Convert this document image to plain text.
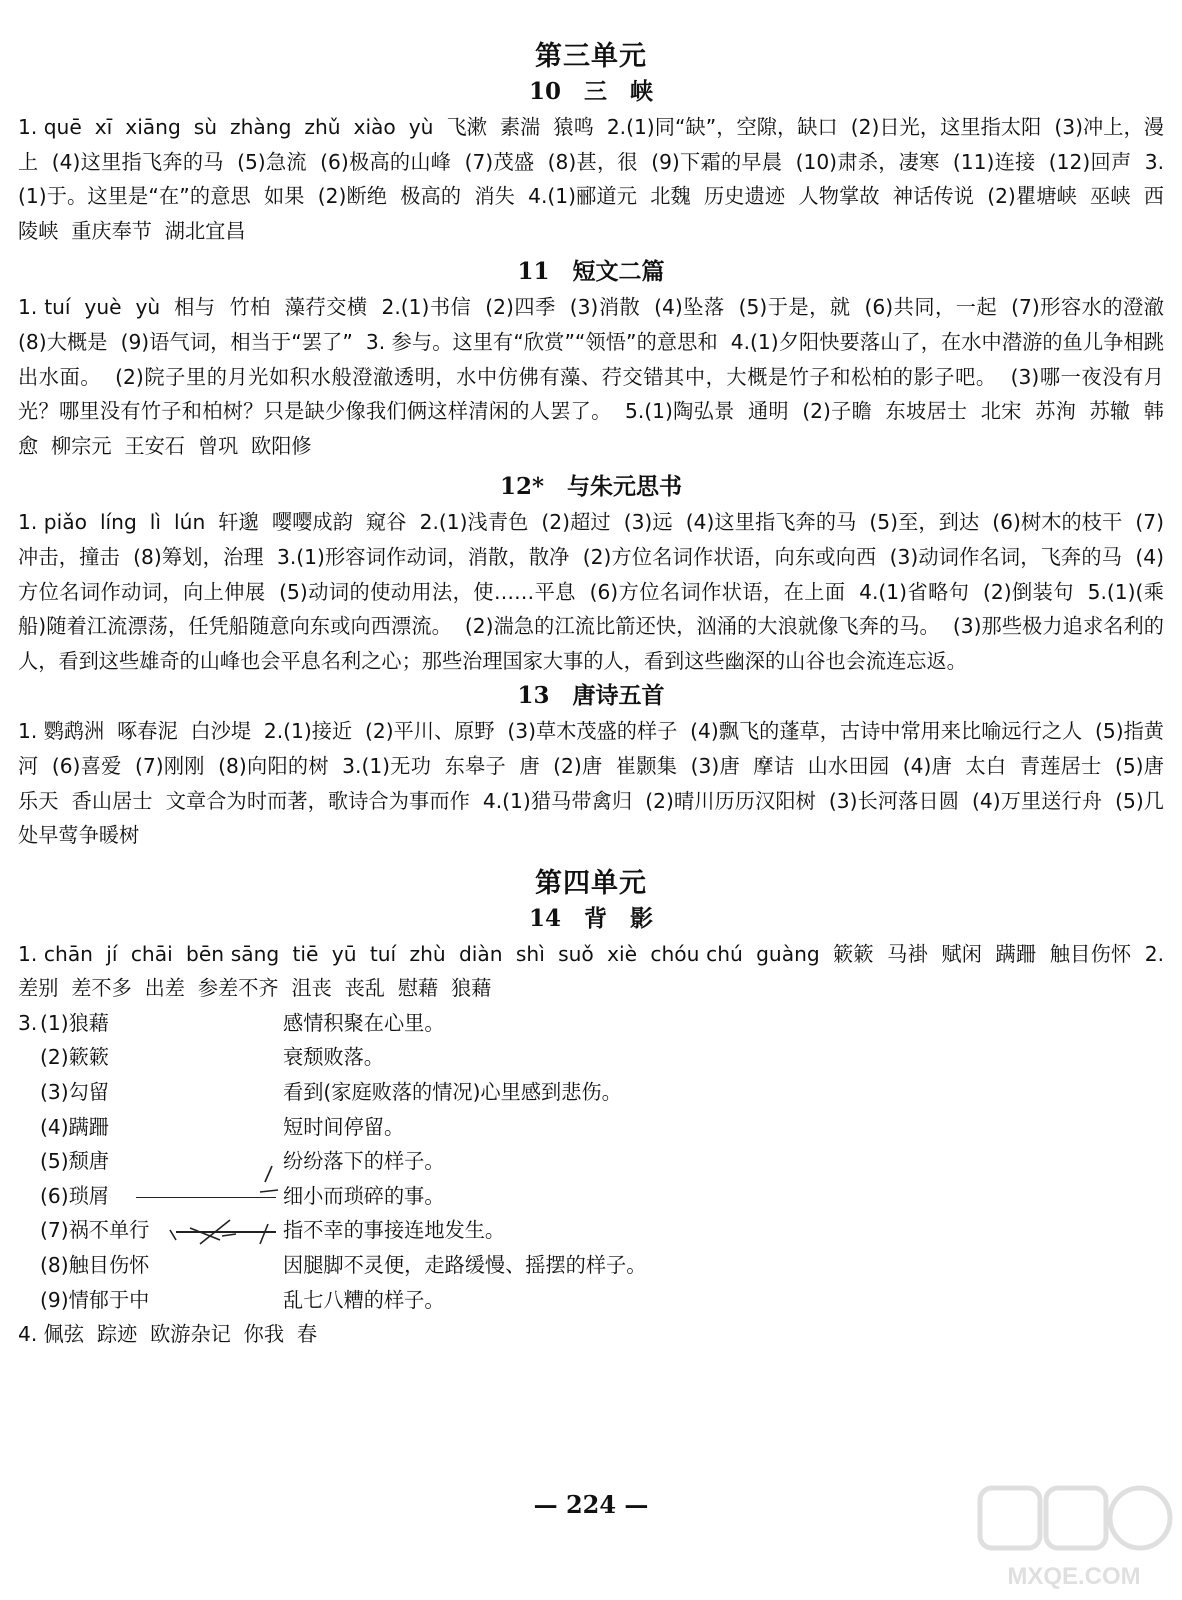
第三单元
10　三　峡

1. quē  xī  xiāng  sù  zhàng  zhǔ  xiào  yù  飞漱  素湍  猿鸣  2.(1)同“缺”，空隙，缺口  (2)日光，这里指太阳  (3)冲上，漫上  (4)这里指飞奔的马  (5)急流  (6)极高的山峰  (7)茂盛  (8)甚，很  (9)下霜的早晨  (10)肃杀，凄寒  (11)连接  (12)回声  3.(1)于。这里是“在”的意思  如果  (2)断绝  极高的  消失  4.(1)郦道元  北魏  历史遗迹  人物掌故  神话传说  (2)瞿塘峡  巫峡  西陵峡  重庆奉节  湖北宜昌

11　短文二篇

1. tuí  yuè  yù  相与  竹柏  藻荇交横  2.(1)书信  (2)四季  (3)消散  (4)坠落  (5)于是，就  (6)共同，一起  (7)形容水的澄澈  (8)大概是  (9)语气词，相当于“罢了”  3. 参与。这里有“欣赏”“领悟”的意思和  4.(1)夕阳快要落山了，在水中潜游的鱼儿争相跳出水面。  (2)院子里的月光如积水般澄澈透明，水中仿佛有藻、荇交错其中，大概是竹子和松柏的影子吧。  (3)哪一夜没有月光？哪里没有竹子和柏树？只是缺少像我们俩这样清闲的人罢了。  5.(1)陶弘景  通明  (2)子瞻  东坡居士  北宋  苏洵  苏辙  韩愈  柳宗元  王安石  曾巩  欧阳修

12*　与朱元思书

1. piǎo  líng  lì  lún  轩邈  嘤嘤成韵  窥谷  2.(1)浅青色  (2)超过  (3)远  (4)这里指飞奔的马  (5)至，到达  (6)树木的枝干  (7)冲击，撞击  (8)筹划，治理  3.(1)形容词作动词，消散，散净  (2)方位名词作状语，向东或向西  (3)动词作名词，飞奔的马  (4)方位名词作动词，向上伸展  (5)动词的使动用法，使……平息  (6)方位名词作状语，在上面  4.(1)省略句  (2)倒装句  5.(1)(乘船)随着江流漂荡，任凭船随意向东或向西漂流。  (2)湍急的江流比箭还快，汹涌的大浪就像飞奔的马。  (3)那些极力追求名利的人，看到这些雄奇的山峰也会平息名利之心；那些治理国家大事的人，看到这些幽深的山谷也会流连忘返。

13　唐诗五首

1. 鹦鹉洲  啄春泥  白沙堤  2.(1)接近  (2)平川、原野  (3)草木茂盛的样子  (4)飘飞的蓬草，古诗中常用来比喻远行之人  (5)指黄河  (6)喜爱  (7)刚刚  (8)向阳的树  3.(1)无功  东皋子  唐  (2)唐  崔颢集  (3)唐  摩诘  山水田园  (4)唐  太白  青莲居士  (5)唐  乐天  香山居士  文章合为时而著，歌诗合为事而作  4.(1)猎马带禽归  (2)晴川历历汉阳树  (3)长河落日圆  (4)万里送行舟  (5)几处早莺争暖树

第四单元
14　背　影

1. chān  jí  chāi  bēn sāng  tiē  yū  tuí  zhù  diàn  shì  suǒ  xiè  chóu chú  guàng  簌簌  马褂  赋闲  蹒跚  触目伤怀  2. 差别  差不多  出差  参差不齐  沮丧  丧乱  慰藉  狼藉

3. (1)狼藉	感情积聚在心里。
(2)簌簌	衰颓败落。
(3)勾留	看到(家庭败落的情况)心里感到悲伤。
(4)蹒跚	短时间停留。
(5)颓唐	纷纷落下的样子。
(6)琐屑	细小而琐碎的事。
(7)祸不单行	指不幸的事接连地发生。
(8)触目伤怀	因腿脚不灵便，走路缓慢、摇摆的样子。
(9)情郁于中	乱七八糟的样子。

4. 佩弦  踪迹  欧游杂记  你我  春

— 224 —
MXQE.COM
